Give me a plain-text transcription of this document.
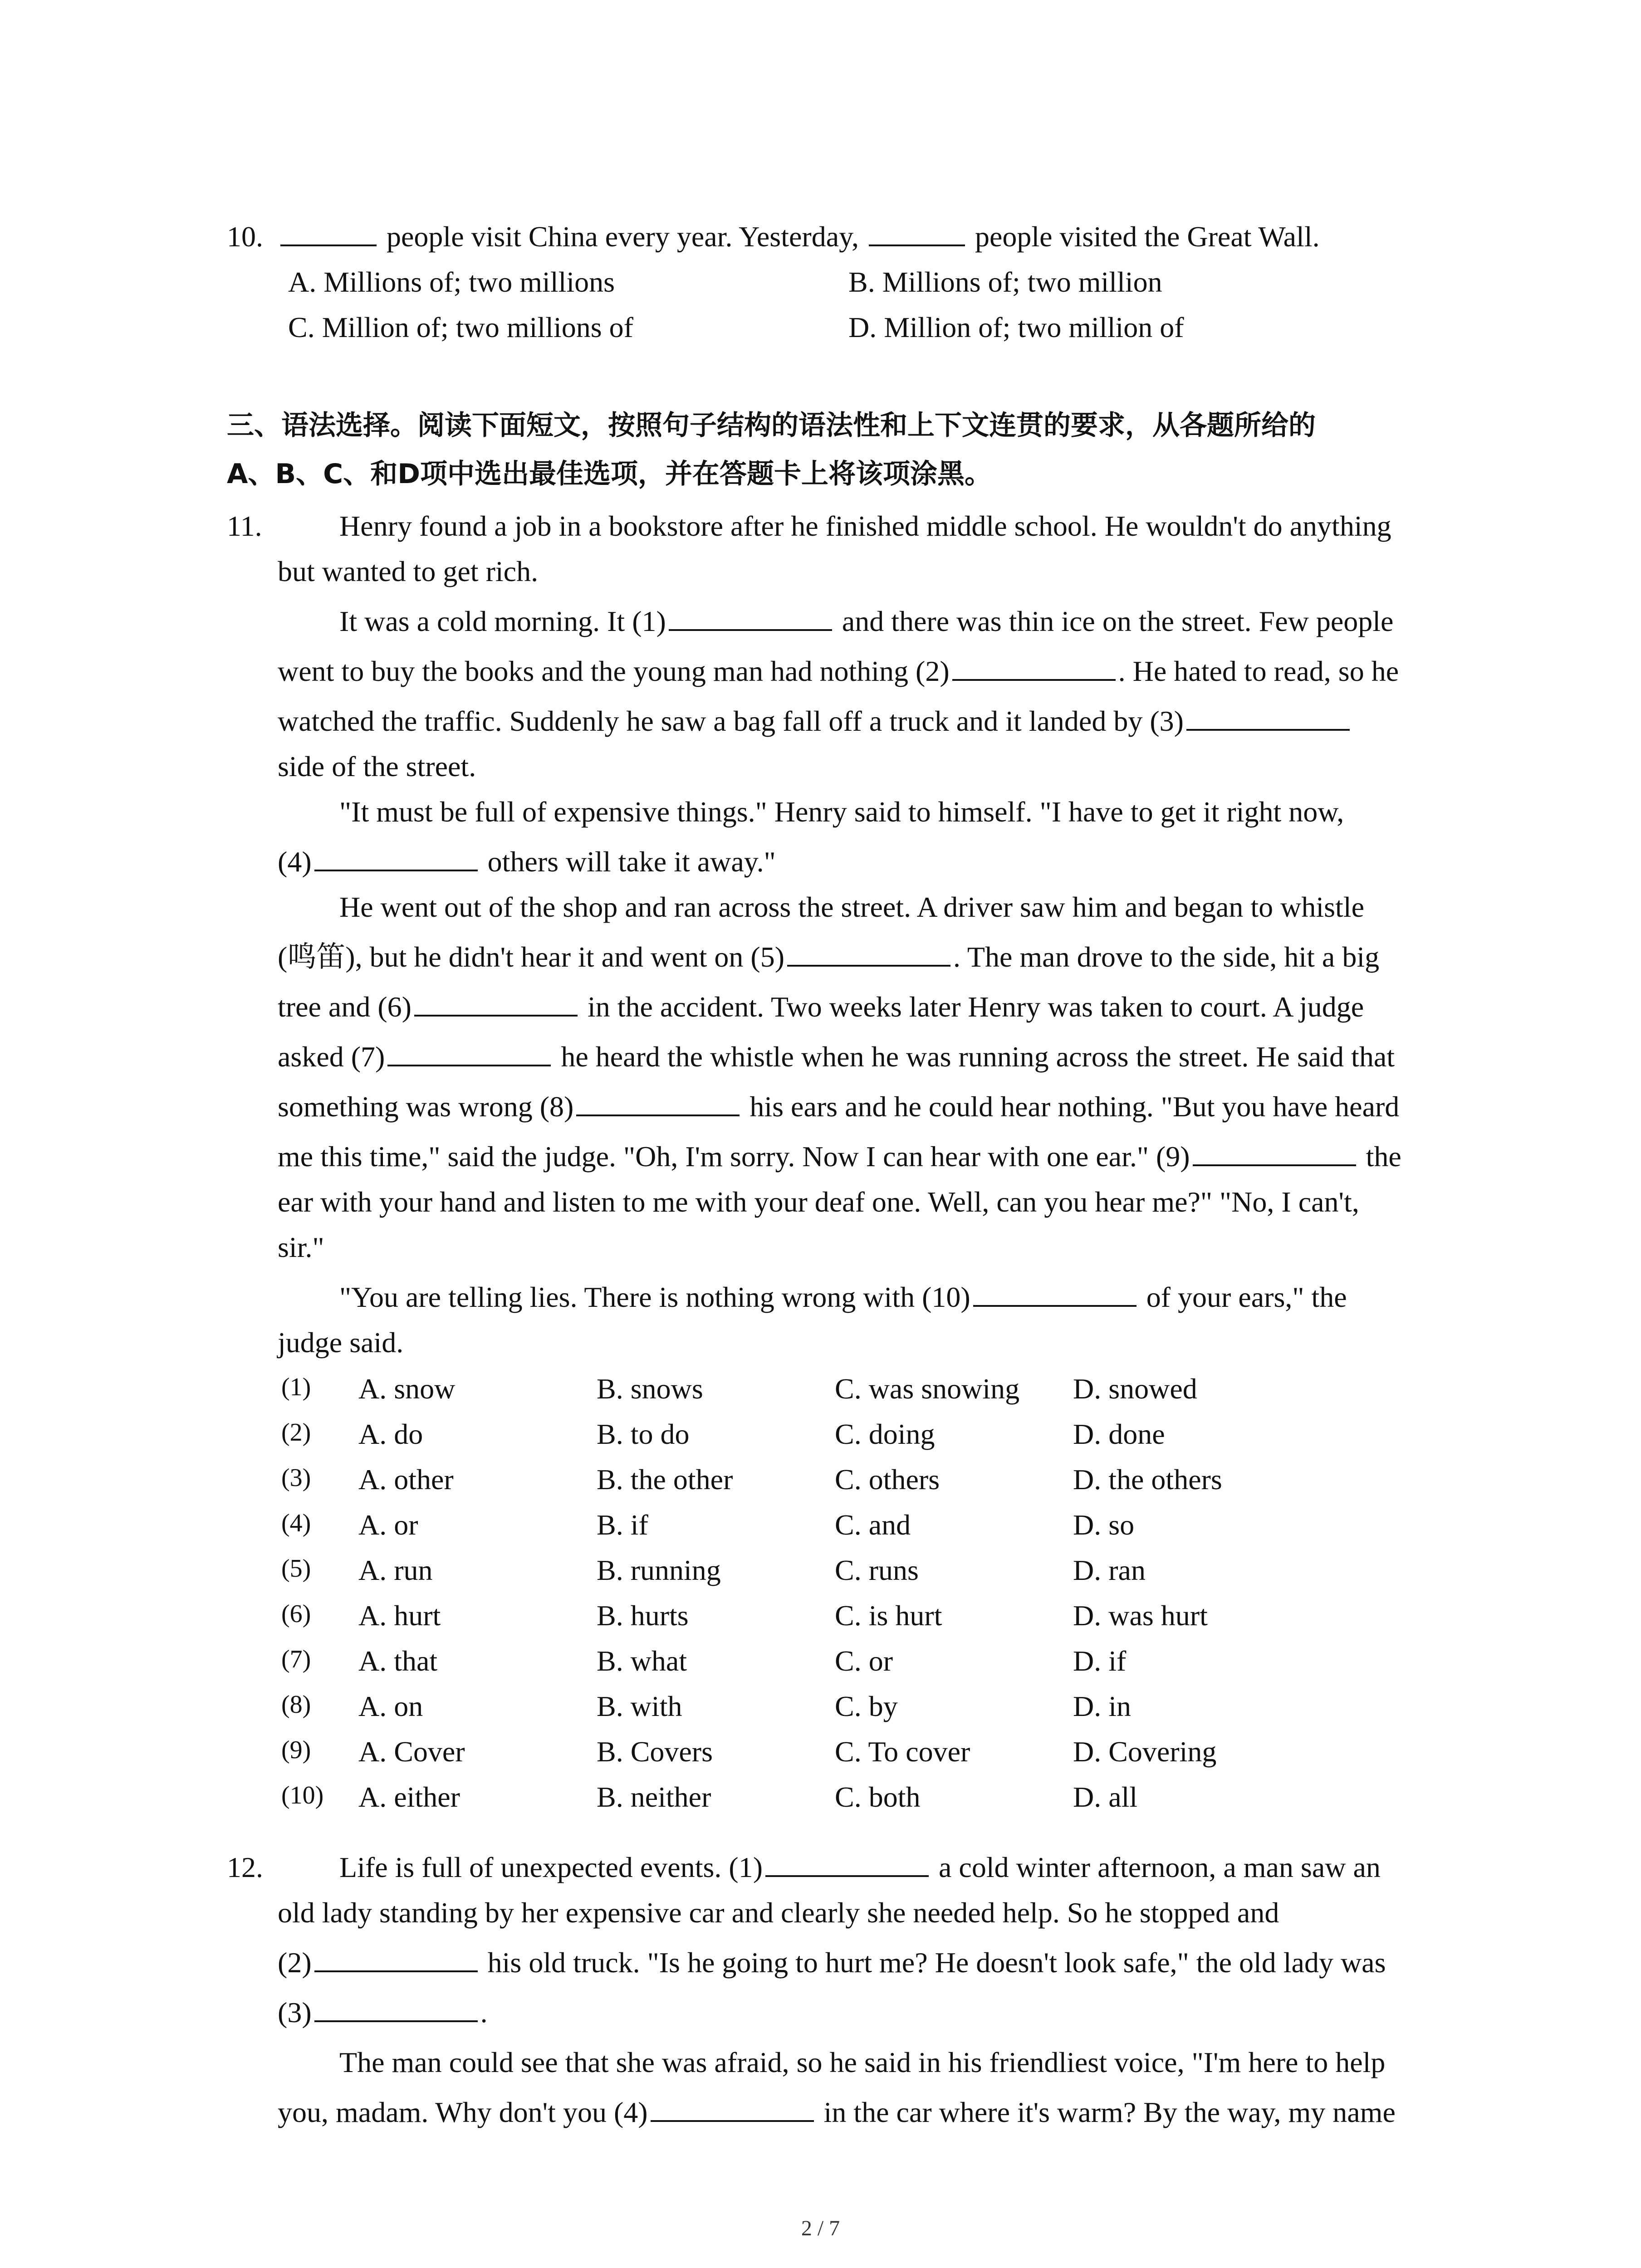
10.	people visit China every year. Yesterday,	people visited the Great Wall.
A. Millions of; two millions	B. Millions of; two million
C. Million of; two millions of	D. Million of; two million of
三、语法选择。阅读下面短文，按照句子结构的语法性和上下文连贯的要求，从各题所给的
A、B、C、和D项中选出最佳选项，并在答题卡上将该项涂黑。
11.	Henry found a job in a bookstore after he finished middle school. He wouldn't do anything
but wanted to get rich.
It was a cold morning. It (1)	and there was thin ice on the street. Few people
went to buy the books and the young man had nothing (2)	. He hated to read, so he
watched the traffic. Suddenly he saw a bag fall off a truck and it landed by (3)
side of the street.
"It must be full of expensive things." Henry said to himself. "I have to get it right now,
(4)	others will take it away."
He went out of the shop and ran across the street. A driver saw him and began to whistle
(鸣笛), but he didn't hear it and went on (5)	. The man drove to the side, hit a big
tree and (6)	in the accident. Two weeks later Henry was taken to court. A judge
asked (7)	he heard the whistle when he was running across the street. He said that
something was wrong (8)	his ears and he could hear nothing. "But you have heard
me this time," said the judge. "Oh, I'm sorry. Now I can hear with one ear." (9)	the
ear with your hand and listen to me with your deaf one. Well, can you hear me?" "No, I can't,
sir."
"You are telling lies. There is nothing wrong with (10)	of your ears," the
judge said.
(1) A. snow	B. snows	C. was snowing D. snowed
(2) A. do	B. to do	C. doing	D. done
(3) A. other	B. the other	C. others	D. the others
(4) A. or	B. if	C. and	D. so
(5) A. run	B. running	C. runs	D. ran
(6) A. hurt	B. hurts	C. is hurt	D. was hurt
(7) A. that	B. what	C. or	D. if
(8) A. on	B. with	C. by	D. in
(9) A. Cover	B. Covers	C. To cover	D. Covering
(10) A. either	B. neither	C. both	D. all
12.	Life is full of unexpected events. (1)	a cold winter afternoon, a man saw an
old lady standing by her expensive car and clearly she needed help. So he stopped and
(2)	his old truck. "Is he going to hurt me? He doesn't look safe," the old lady was
(3)	.
The man could see that she was afraid, so he said in his friendliest voice, "I'm here to help
you, madam. Why don't you (4)	in the car where it's warm? By the way, my name
2 / 7
